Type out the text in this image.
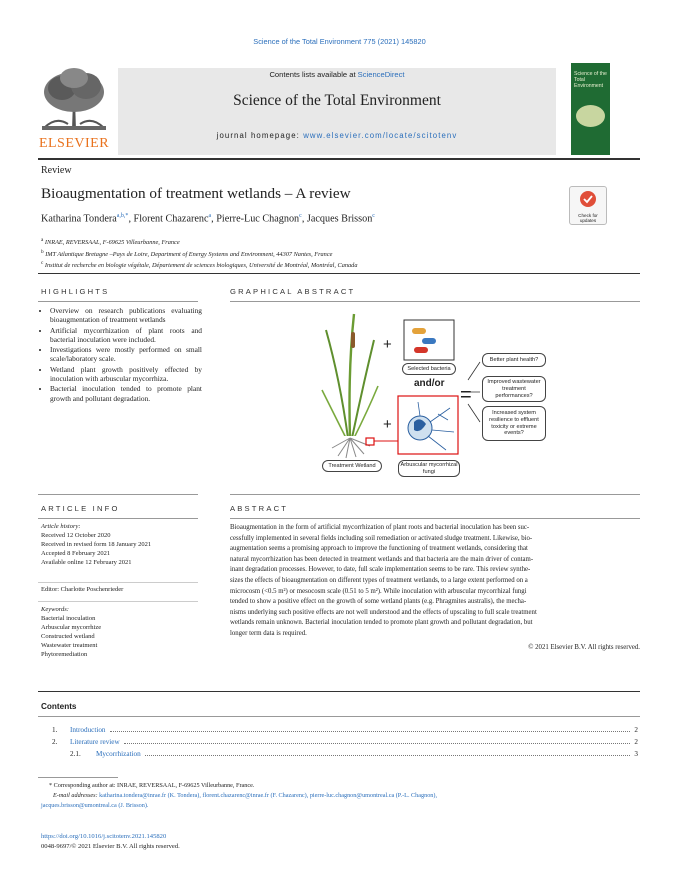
Science of the Total Environment 775 (2021) 145820
ELSEVIER
Contents lists available at ScienceDirect
Science of the Total Environment
journal homepage: www.elsevier.com/locate/scitotenv
Science of the Total Environment
Review
Bioaugmentation of treatment wetlands – A review
Check for updates
Katharina Tondera$^{a,b,*}$, Florent Chazarenc$^a$, Pierre-Luc Chagnon$^c$, Jacques Brisson$^c$
$^a$ INRAE, REVERSAAL, F-69625 Villeurbanne, France
$^b$ IMT Atlantique Bretagne –Pays de Loire, Department of Energy Systems and Environment, 44307 Nantes, France
$^c$ Institut de recherche en biologie végétale, Département de sciences biologiques, Université de Montréal, Montréal, Canada
HIGHLIGHTS
• Overview on research publications evaluating bioaugmentation of treatment wetlands
• Artificial mycorrhization of plant roots and bacterial inoculation were included.
• Investigations were mostly performed on small scale/laboratory scale.
• Wetland plant growth positively effected by inoculation with arbuscular mycorrhiza.
• Bacterial inoculation tended to promote plant growth and pollutant degradation.
GRAPHICAL ABSTRACT
+
+
=
and/or
Selected bacteria
Treatment Wetland	Arbuscular mycorrhizal fungi
Better plant health?
Improved wastewater treatment performances?
Increased system resilience to effluent toxicity or extreme events?
ARTICLE INFO
Article history:
Received 12 October 2020
Received in revised form 18 January 2021
Accepted 8 February 2021
Available online 12 February 2021
Editor: Charlotte Poschenrieder
Keywords:
Bacterial inoculation
Arbuscular mycorrhize
Constructed wetland
Wastewater treatment
Phytoremediation
ABSTRACT
Bioaugmentation in the form of artificial mycorrhization of plant roots and bacterial inoculation has been suc-
cessfully implemented in several fields including soil remediation or activated sludge treatment. Likewise, bio-
augmentation seems a promising approach to improve the functioning of treatment wetlands, considering that
natural mycorrhization has been detected in treatment wetlands and that bacteria are the main driver of contam-
inant degradation processes. However, to date, full scale implementation seems to be rare. This review synthe-
sizes the effects of bioaugmentation on different types of treatment wetlands, to a large extent performed on a
microcosm (<0.5 m²) or mesocosm scale (0.51 to 5 m²). While inoculation with arbuscular mycorrhizal fungi
tended to show a positive effect on the growth of some wetland plants (e.g. Phragmites australis), the mecha-
nisms underlying such positive effects are not well understood and the effects of upscaling to full scale treatment
wetlands remain unknown. Bacterial inoculation tended to promote plant growth and pollutant degradation, but
longer term data is required.
© 2021 Elsevier B.V. All rights reserved.
Contents
1.	Introduction	2
2.	Literature review	2
2.1.	Mycorrhization	3
* Corresponding author at: INRAE, REVERSAAL, F-69625 Villeurbanne, France.
E-mail addresses: katharina.tondera@inrae.fr (K. Tondera), florent.chazarenc@inrae.fr (F. Chazarenc), pierre-luc.chagnon@umontreal.ca (P.-L. Chagnon),
jacques.brisson@umontreal.ca (J. Brisson).
https://doi.org/10.1016/j.scitotenv.2021.145820
0048-9697/© 2021 Elsevier B.V. All rights reserved.
